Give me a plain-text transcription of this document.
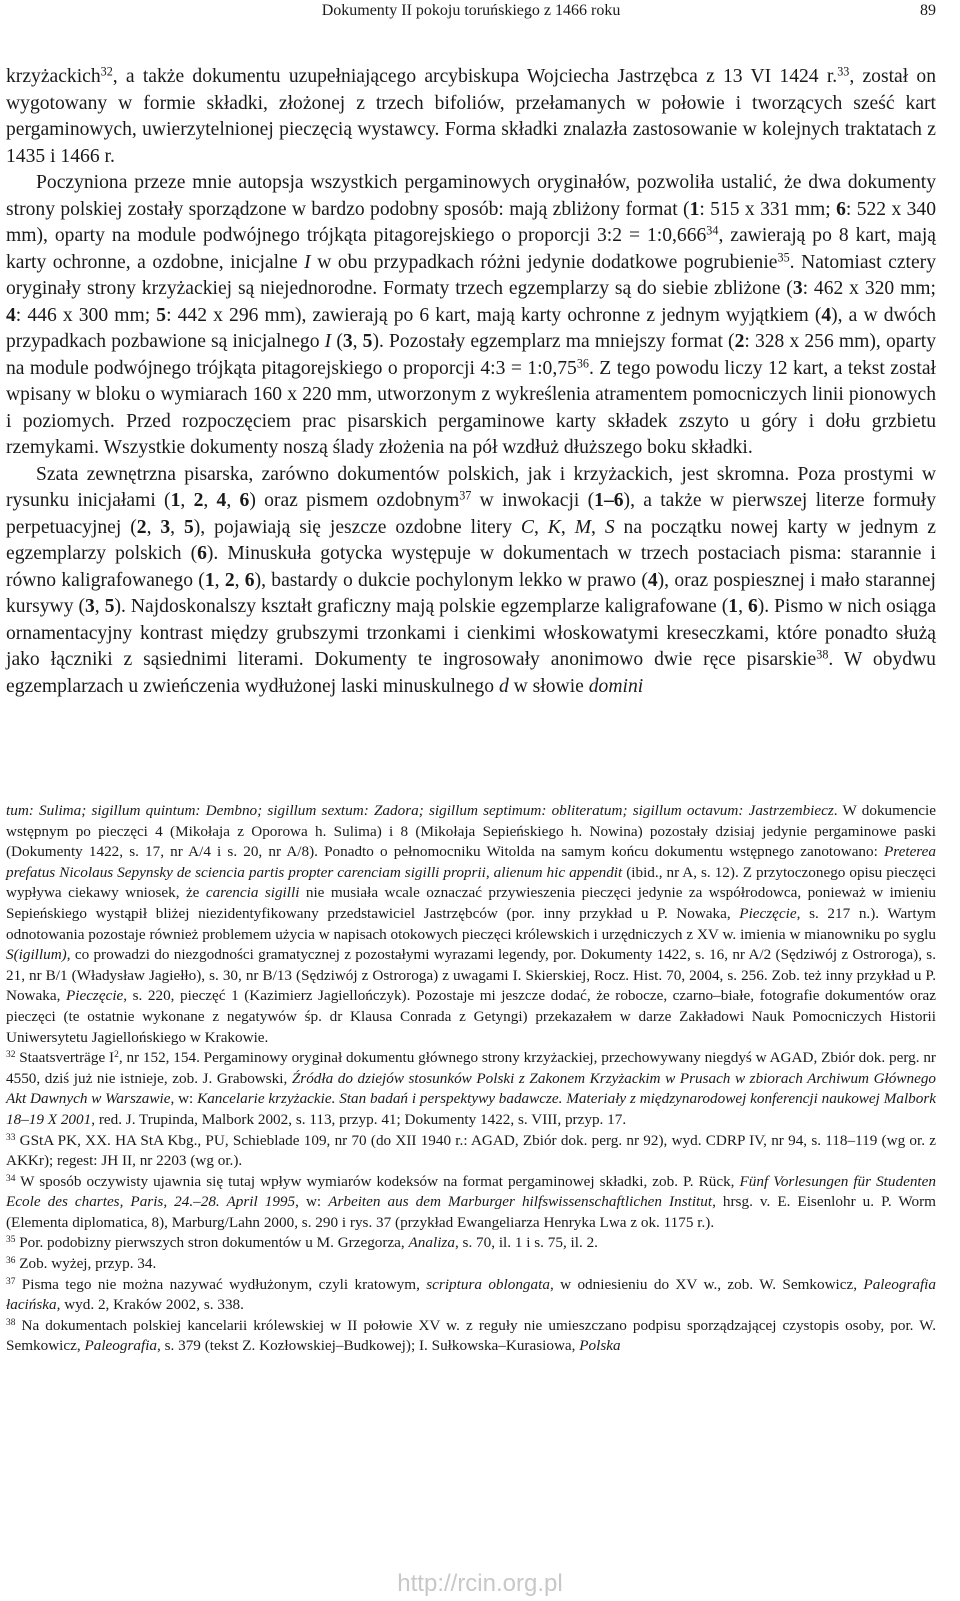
Dokumenty II pokoju toruńskiego z 1466 roku	89

krzyżackich$^{32}$, a także dokumentu uzupełniającego arcybiskupa Wojciecha Jastrzębca z 13 VI 1424 r.$^{33}$, został on wygotowany w formie składki, złożonej z trzech bifoliów, przełamanych w połowie i tworzących sześć kart pergaminowych, uwierzytelnionej pieczęcią wystawcy. Forma składki znalazła zastosowanie w kolejnych traktatach z 1435 i 1466 r.

Poczyniona przeze mnie autopsja wszystkich pergaminowych oryginałów, pozwoliła ustalić, że dwa dokumenty strony polskiej zostały sporządzone w bardzo podobny sposób: mają zbliżony format (1: 515 x 331 mm; 6: 522 x 340 mm), oparty na module podwójnego trójkąta pitagorejskiego o proporcji 3:2 = $1:0,666^{34}$, zawierają po 8 kart, mają karty ochronne, a ozdobne, inicjalne I w obu przypadkach różni jedynie dodatkowe pogrubienie$^{35}$. Natomiast cztery oryginały strony krzyżackiej są niejednorodne. Formaty trzech egzemplarzy są do siebie zbliżone (3: 462 x 320 mm; 4: 446 x 300 mm; 5: 442 x 296 mm), zawierają po 6 kart, mają karty ochronne z jednym wyjątkiem (4), a w dwóch przypadkach pozbawione są inicjalnego I (3, 5). Pozostały egzemplarz ma mniejszy format (2: 328 x 256 mm), oparty na module podwójnego trójkąta pitagorejskiego o proporcji 4:3 = $1:0,75^{36}$. Z tego powodu liczy 12 kart, a tekst został wpisany w bloku o wymiarach 160 x 220 mm, utworzonym z wykreślenia atramentem pomocniczych linii pionowych i poziomych. Przed rozpoczęciem prac pisarskich pergaminowe karty składek zszyto u góry i dołu grzbietu rzemykami. Wszystkie dokumenty noszą ślady złożenia na pół wzdłuż dłuższego boku składki.

Szata zewnętrzna pisarska, zarówno dokumentów polskich, jak i krzyżackich, jest skromna. Poza prostymi w rysunku inicjałami (1, 2, 4, 6) oraz pismem ozdobnym$^{37}$ w inwokacji (1–6), a także w pierwszej literze formuły perpetuacyjnej (2, 3, 5), pojawiają się jeszcze ozdobne litery C, K, M, S na początku nowej karty w jednym z egzemplarzy polskich (6). Minuskuła gotycka występuje w dokumentach w trzech postaciach pisma: starannie i równo kaligrafowanego (1, 2, 6), bastardy o dukcie pochylonym lekko w prawo (4), oraz pospiesznej i mało starannej kursywy (3, 5). Najdoskonalszy kształt graficzny mają polskie egzemplarze kaligrafowane (1, 6). Pismo w nich osiąga ornamentacyjny kontrast między grubszymi trzonkami i cienkimi włoskowatymi kreseczkami, które ponadto służą jako łączniki z sąsiednimi literami. Dokumenty te ingrosowały anonimowo dwie ręce pisarskie$^{38}$. W obydwu egzemplarzach u zwieńczenia wydłużonej laski minuskulnego d w słowie domini

tum: Sulima; sigillum quintum: Dembno; sigillum sextum: Zadora; sigillum septimum: obliteratum; sigillum octavum: Jastrzembiecz. W dokumencie wstępnym po pieczęci 4 (Mikołaja z Oporowa h. Sulima) i 8 (Mikołaja Sepieńskiego h. Nowina) pozostały dzisiaj jedynie pergaminowe paski (Dokumenty 1422, s. 17, nr A/4 i s. 20, nr A/8). Ponadto o pełnomocniku Witolda na samym końcu dokumentu wstępnego zanotowano: Preterea prefatus Nicolaus Sepynsky de sciencia partis propter carenciam sigilli proprii, alienum hic appendit (ibid., nr A, s. 12). Z przytoczonego opisu pieczęci wypływa ciekawy wniosek, że carencia sigilli nie musiała wcale oznaczać przywieszenia pieczęci jedynie za współrodowca, ponieważ w imieniu Sepieńskiego wystąpił bliżej niezidentyfikowany przedstawiciel Jastrzębców (por. inny przykład u P. Nowaka, Pieczęcie, s. 217 n.). Wartym odnotowania pozostaje również problemem użycia w napisach otokowych pieczęci królewskich i urzędniczych z XV w. imienia w mianowniku po syglu S(igillum), co prowadzi do niezgodności gramatycznej z pozostałymi wyrazami legendy, por. Dokumenty 1422, s. 16, nr A/2 (Sędziwój z Ostroroga), s. 21, nr B/1 (Władysław Jagiełło), s. 30, nr B/13 (Sędziwój z Ostroroga) z uwagami I. Skierskiej, Rocz. Hist. 70, 2004, s. 256. Zob. też inny przykład u P. Nowaka, Pieczęcie, s. 220, pieczęć 1 (Kazimierz Jagiellończyk). Pozostaje mi jeszcze dodać, że robocze, czarno–białe, fotografie dokumentów oraz pieczęci (te ostatnie wykonane z negatywów śp. dr Klausa Conrada z Getyngi) przekazałem w darze Zakładowi Nauk Pomocniczych Historii Uniwersytetu Jagiellońskiego w Krakowie.

$^{32}$ Staatsverträge $I^2$, nr 152, 154. Pergaminowy oryginał dokumentu głównego strony krzyżackiej, przechowywany niegdyś w AGAD, Zbiór dok. perg. nr 4550, dziś już nie istnieje, zob. J. Grabowski, Źródła do dziejów stosunków Polski z Zakonem Krzyżackim w Prusach w zbiorach Archiwum Głównego Akt Dawnych w Warszawie, w: Kancelarie krzyżackie. Stan badań i perspektywy badawcze. Materiały z międzynarodowej konferencji naukowej Malbork 18–19 X 2001, red. J. Trupinda, Malbork 2002, s. 113, przyp. 41; Dokumenty 1422, s. VIII, przyp. 17.

$^{33}$ GStA PK, XX. HA StA Kbg., PU, Schieblade 109, nr 70 (do XII 1940 r.: AGAD, Zbiór dok. perg. nr 92), wyd. CDRP IV, nr 94, s. 118–119 (wg or. z AKKr); regest: JH II, nr 2203 (wg or.).

$^{34}$ W sposób oczywisty ujawnia się tutaj wpływ wymiarów kodeksów na format pergaminowej składki, zob. P. Rück, Fünf Vorlesungen für Studenten Ecole des chartes, Paris, 24.–28. April 1995, w: Arbeiten aus dem Marburger hilfswissenschaftlichen Institut, hrsg. v. E. Eisenlohr u. P. Worm (Elementa diplomatica, 8), Marburg/Lahn 2000, s. 290 i rys. 37 (przykład Ewangeliarza Henryka Lwa z ok. 1175 r.).

$^{35}$ Por. podobizny pierwszych stron dokumentów u M. Grzegorza, Analiza, s. 70, il. 1 i s. 75, il. 2.

$^{36}$ Zob. wyżej, przyp. 34.

$^{37}$ Pisma tego nie można nazywać wydłużonym, czyli kratowym, scriptura oblongata, w odniesieniu do XV w., zob. W. Semkowicz, Paleografia łacińska, wyd. 2, Kraków 2002, s. 338.

$^{38}$ Na dokumentach polskiej kancelarii królewskiej w II połowie XV w. z reguły nie umieszczano podpisu sporządzającej czystopis osoby, por. W. Semkowicz, Paleografia, s. 379 (tekst Z. Kozłowskiej–Budkowej); I. Sułkowska–Kurasiowa, Polska

http://rcin.org.pl
